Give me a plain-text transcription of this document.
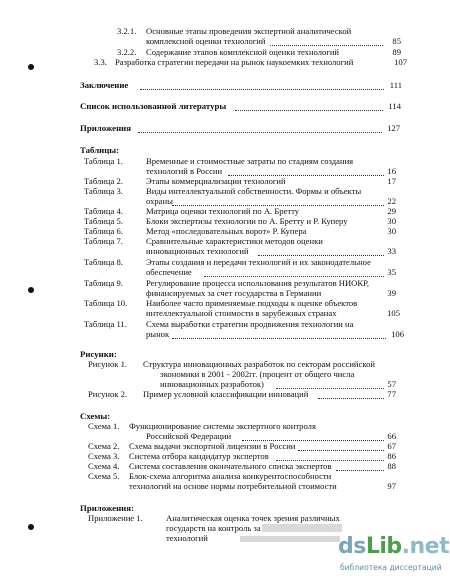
3.2.1. Основные этапы проведения экспертной аналитической
комплексной оценки технологий	85
3.2.2. Содержание этапов комплексной оценки технологий	89
3.3. Разработка стратегии передачи на рынок наукоемких технологий	107
Заключение	111
Список использованной литературы	114
Приложения	127
Таблицы:
Таблица 1.	Временные и стоимостные затраты по стадиям создания
технологий в России	16
Таблица 2.	Этапы коммерциализации технологий	17
Таблица 3.	Виды интеллектуальной собственности. Формы и объекты
охраны	22
Таблица 4.	Матрица оценки технологий по А. Бретту	29
Таблица 5.	Блоки экспертизы технологии по А. Бретту и Р. Куперу	30
Таблица 6.	Метод «последовательных ворот» Р. Купера	30
Таблица 7.	Сравнительные характеристики методов оценки
инновационных технологий	33
Таблица 8.	Этапы создания и передачи технологий и их законодательное
обеспечение	35
Таблица 9.	Регулирование процесса использования результатов НИОКР,
финансируемых за счет государства в Германии	39
Таблица 10. Наиболее часто применяемые подходы к оценке объектов
интеллектуальной стоимости в зарубежных странах	105
Таблица 11. Схема выработки стратегии продвижения технологии на
рынок	106
Рисунки:
Рисунок 1. Структура инновационных разработок по секторам российской
экономики в 2001 - 2002гг. (процент от общего числа
инновационных разработок)	57
Рисунок 2. Пример условной классификации инноваций	77
Схемы:
Схема 1. Функционирование системы экспертного контроля
Российской Федерации	66
Схема 2. Схема выдачи экспортной лицензии в России	67
Схема 3. Система отбора кандидатур экспертов	86
Схема 4. Система составления окончательного списка экспертов	88
Схема 5. Блок-схема алгоритма анализа конкурентоспособности
технологий на основе нормы потребительной стоимости	97
Приложения:
Приложение 1.	Аналитическая оценка точек зрения различных
государств на контроль за
технологий	dsLib.net
библиотека диссертаций
